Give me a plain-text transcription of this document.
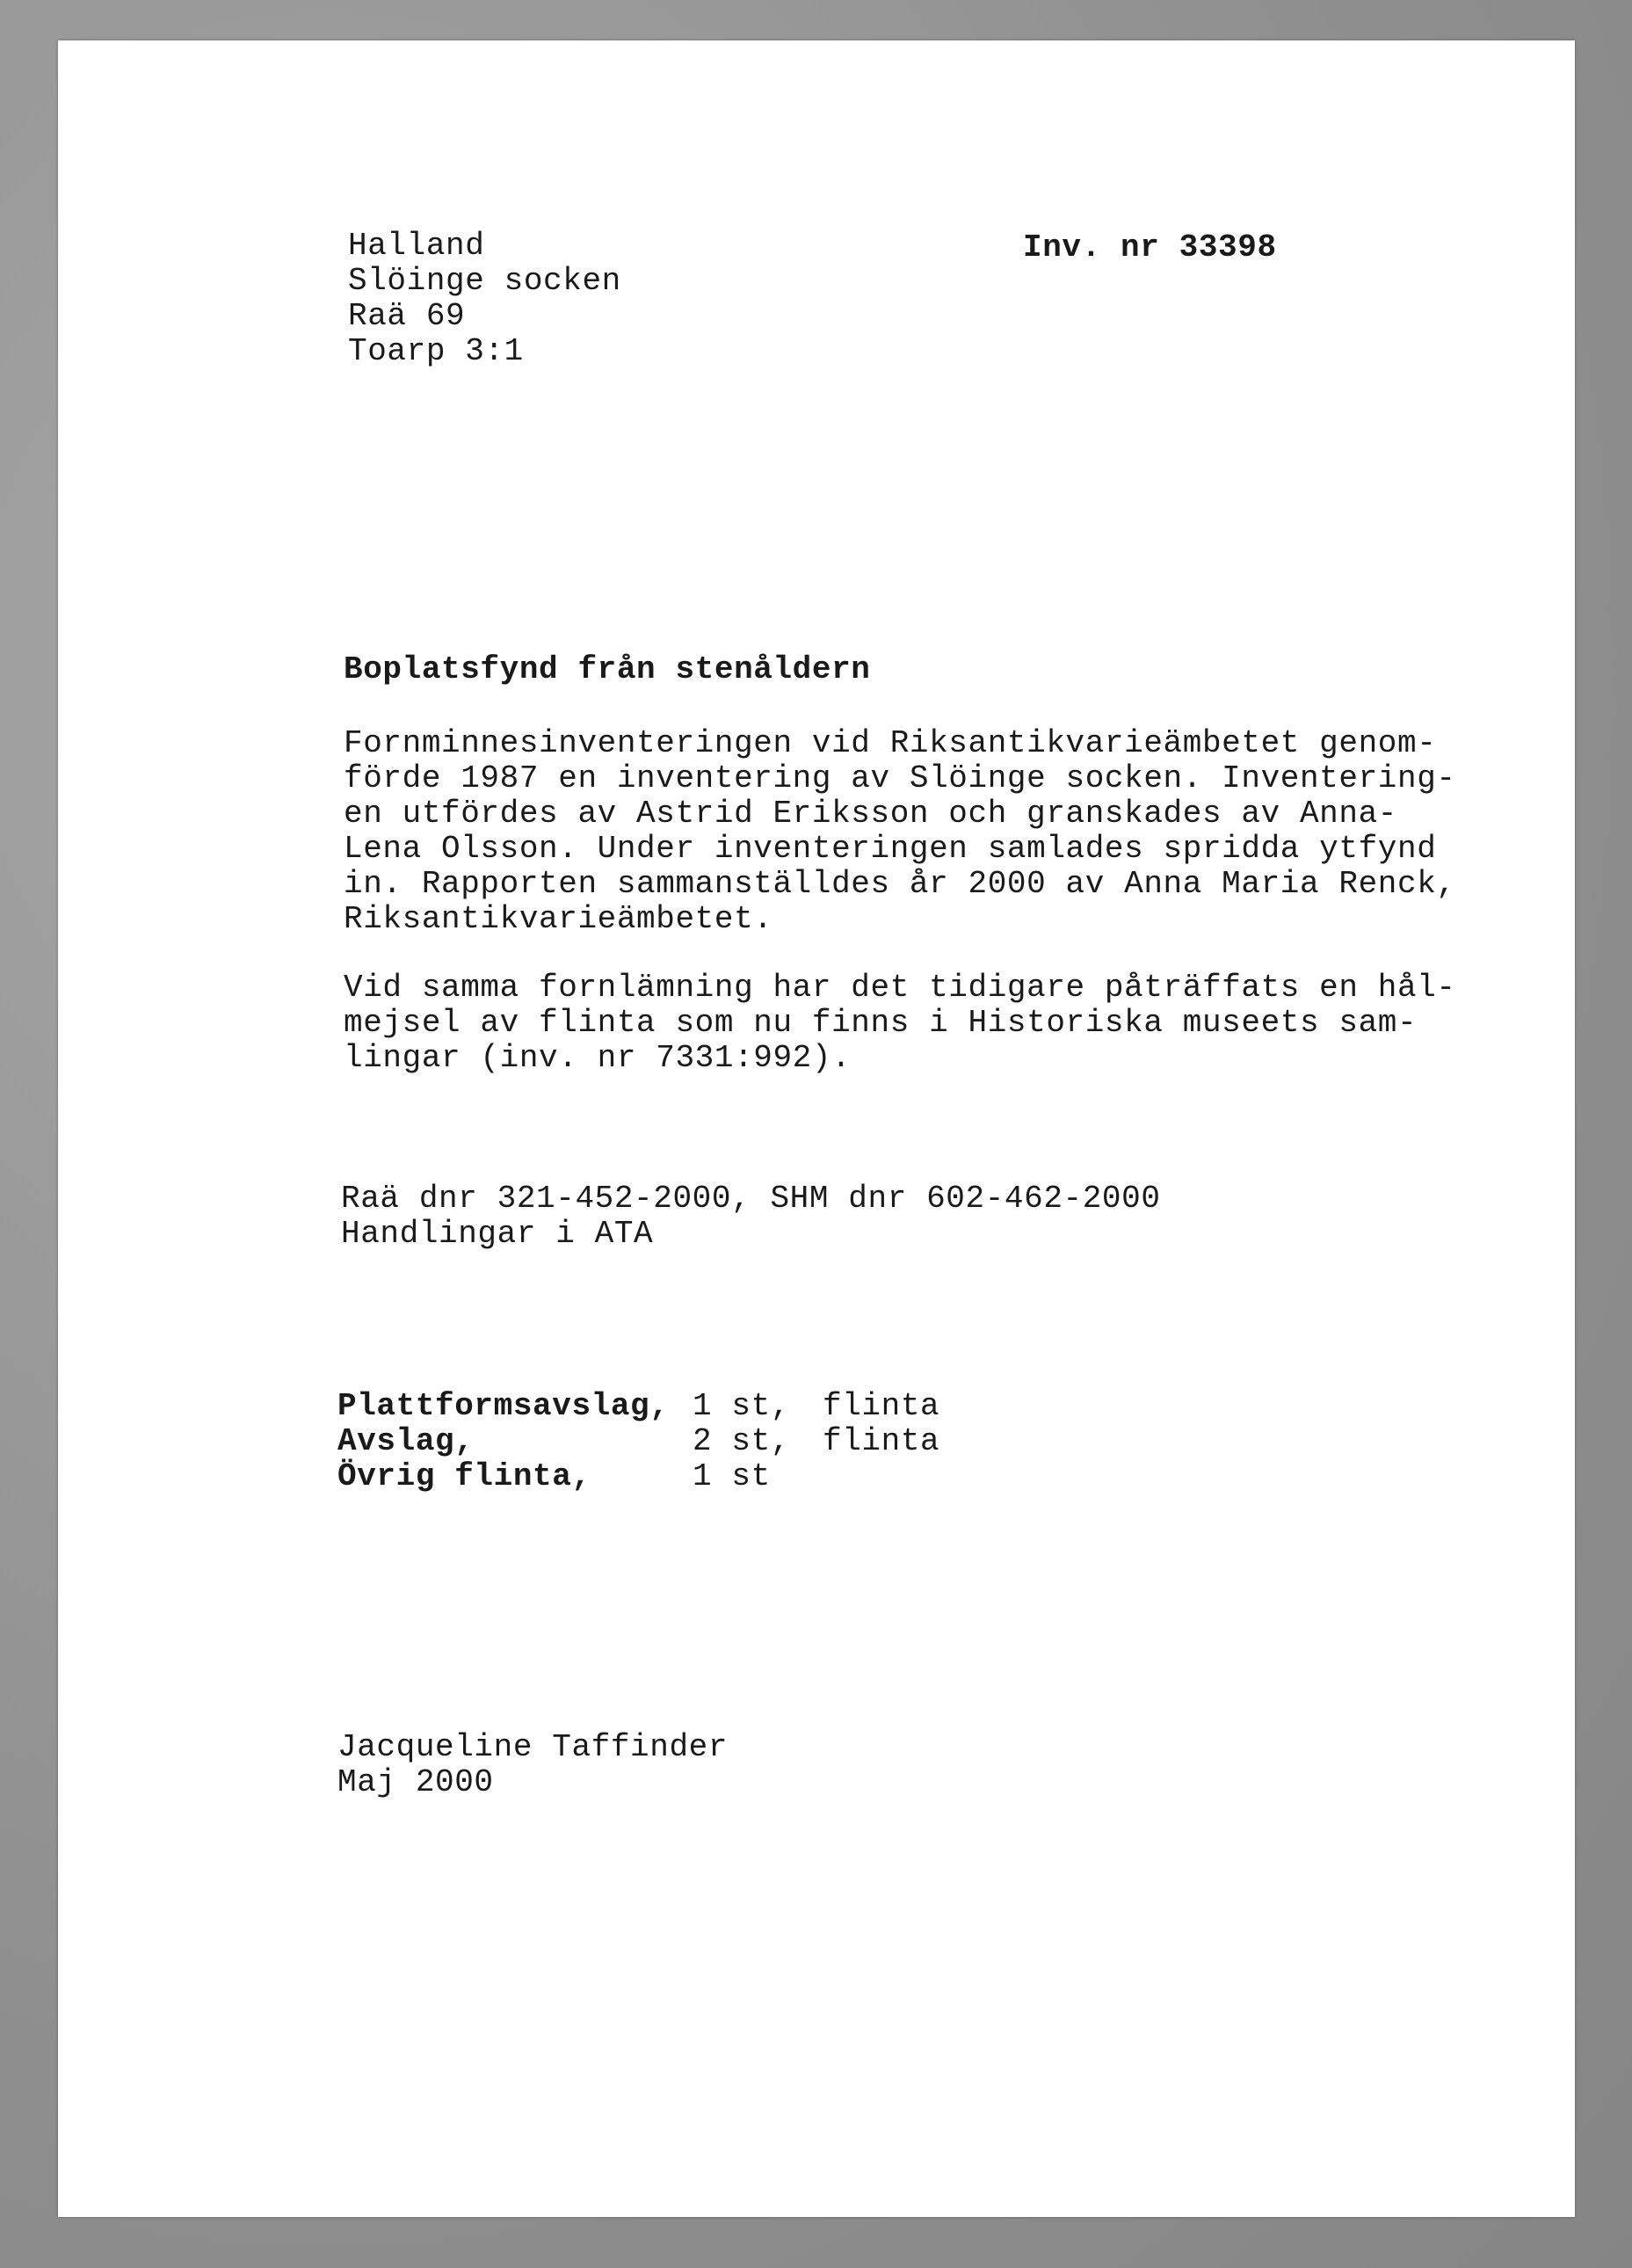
Halland
Slöinge socken
Raä 69
Toarp 3:1
Inv. nr 33398
Boplatsfynd från stenåldern
Fornminnesinventeringen vid Riksantikvarieämbetet genom-
förde 1987 en inventering av Slöinge socken. Inventering-
en utfördes av Astrid Eriksson och granskades av Anna-
Lena Olsson. Under inventeringen samlades spridda ytfynd
in. Rapporten sammanställdes år 2000 av Anna Maria Renck,
Riksantikvarieämbetet.
Vid samma fornlämning har det tidigare påträffats en hål-
mejsel av flinta som nu finns i Historiska museets sam-
lingar (inv. nr 7331:992).
Raä dnr 321-452-2000, SHM dnr 602-462-2000
Handlingar i ATA

Plattformsavslag,

1 st,

flinta

Avslag,

	2 st,

flinta

Övrig flinta,

	1 st

Jacqueline Taffinder
Maj 2000
